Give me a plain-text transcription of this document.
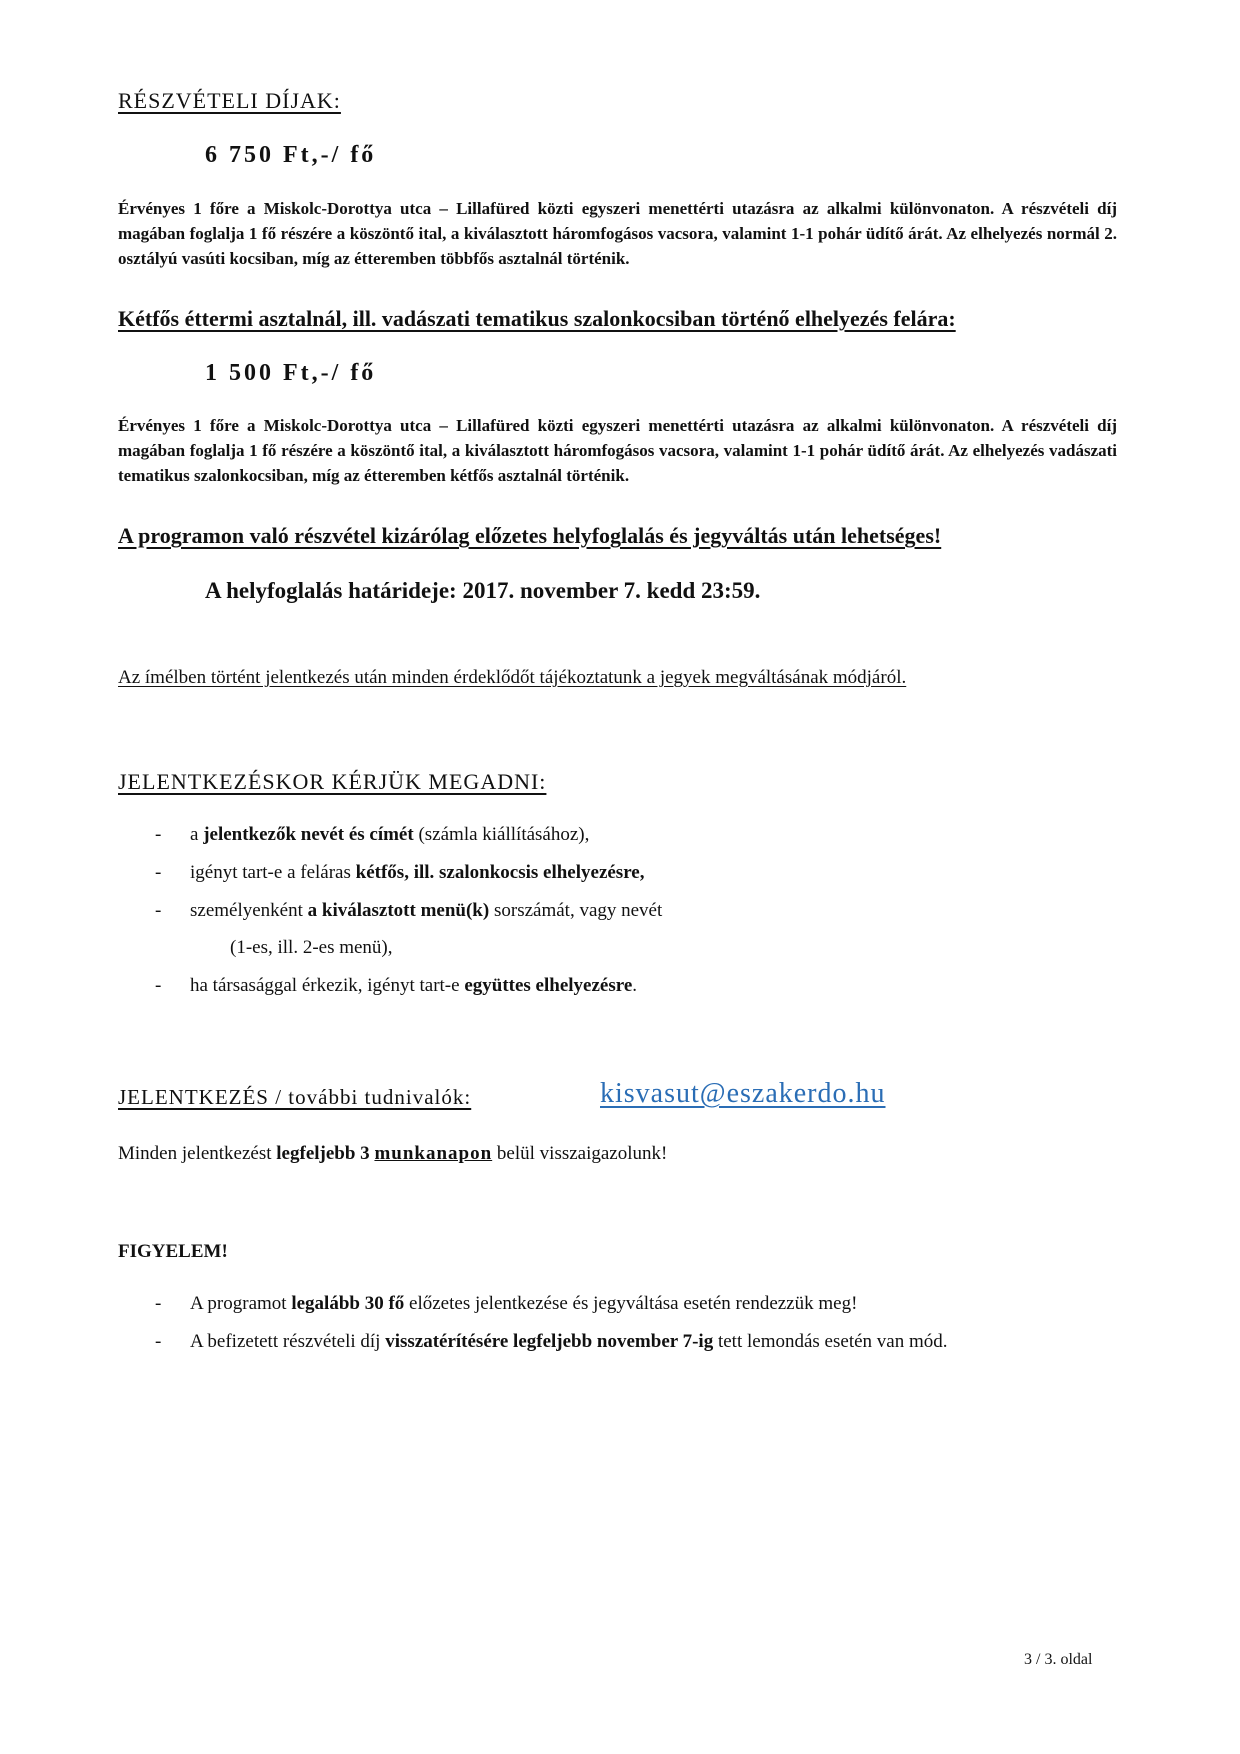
RÉSZVÉTELI DÍJAK:
6 750 Ft,-/ fő
Érvényes 1 főre a Miskolc-Dorottya utca – Lillafüred közti egyszeri menettérti utazásra az alkalmi különvonaton. A részvételi díj magában foglalja 1 fő részére a köszöntő ital, a kiválasztott háromfogásos vacsora, valamint 1-1 pohár üdítő árát. Az elhelyezés normál 2. osztályú vasúti kocsiban, míg az étteremben többfős asztalnál történik.
Kétfős éttermi asztalnál, ill. vadászati tematikus szalonkocsiban történő elhelyezés felára:
1 500 Ft,-/ fő
Érvényes 1 főre a Miskolc-Dorottya utca – Lillafüred közti egyszeri menettérti utazásra az alkalmi különvonaton. A részvételi díj magában foglalja 1 fő részére a köszöntő ital, a kiválasztott háromfogásos vacsora, valamint 1-1 pohár üdítő árát. Az elhelyezés vadászati tematikus szalonkocsiban, míg az étteremben kétfős asztalnál történik.
A programon való részvétel kizárólag előzetes helyfoglalás és jegyváltás után lehetséges!
A helyfoglalás határideje: 2017. november 7. kedd 23:59.
Az ímélben történt jelentkezés után minden érdeklődőt tájékoztatunk a jegyek megváltásának módjáról.
JELENTKEZÉSKOR KÉRJÜK MEGADNI:
- a jelentkezők nevét és címét (számla kiállításához),
- igényt tart-e a feláras kétfős, ill. szalonkocsis elhelyezésre,
- személyenként a kiválasztott menü(k) sorszámát, vagy nevét
(1-es, ill. 2-es menü),
- ha társasággal érkezik, igényt tart-e együttes elhelyezésre.
JELENTKEZÉS / további tudnivalók:	kisvasut@eszakerdo.hu
Minden jelentkezést legfeljebb 3 munkanapon belül visszaigazolunk!
FIGYELEM!
- A programot legalább 30 fő előzetes jelentkezése és jegyváltása esetén rendezzük meg!
- A befizetett részvételi díj visszatérítésére legfeljebb november 7-ig tett lemondás esetén van mód.
3 / 3. oldal
